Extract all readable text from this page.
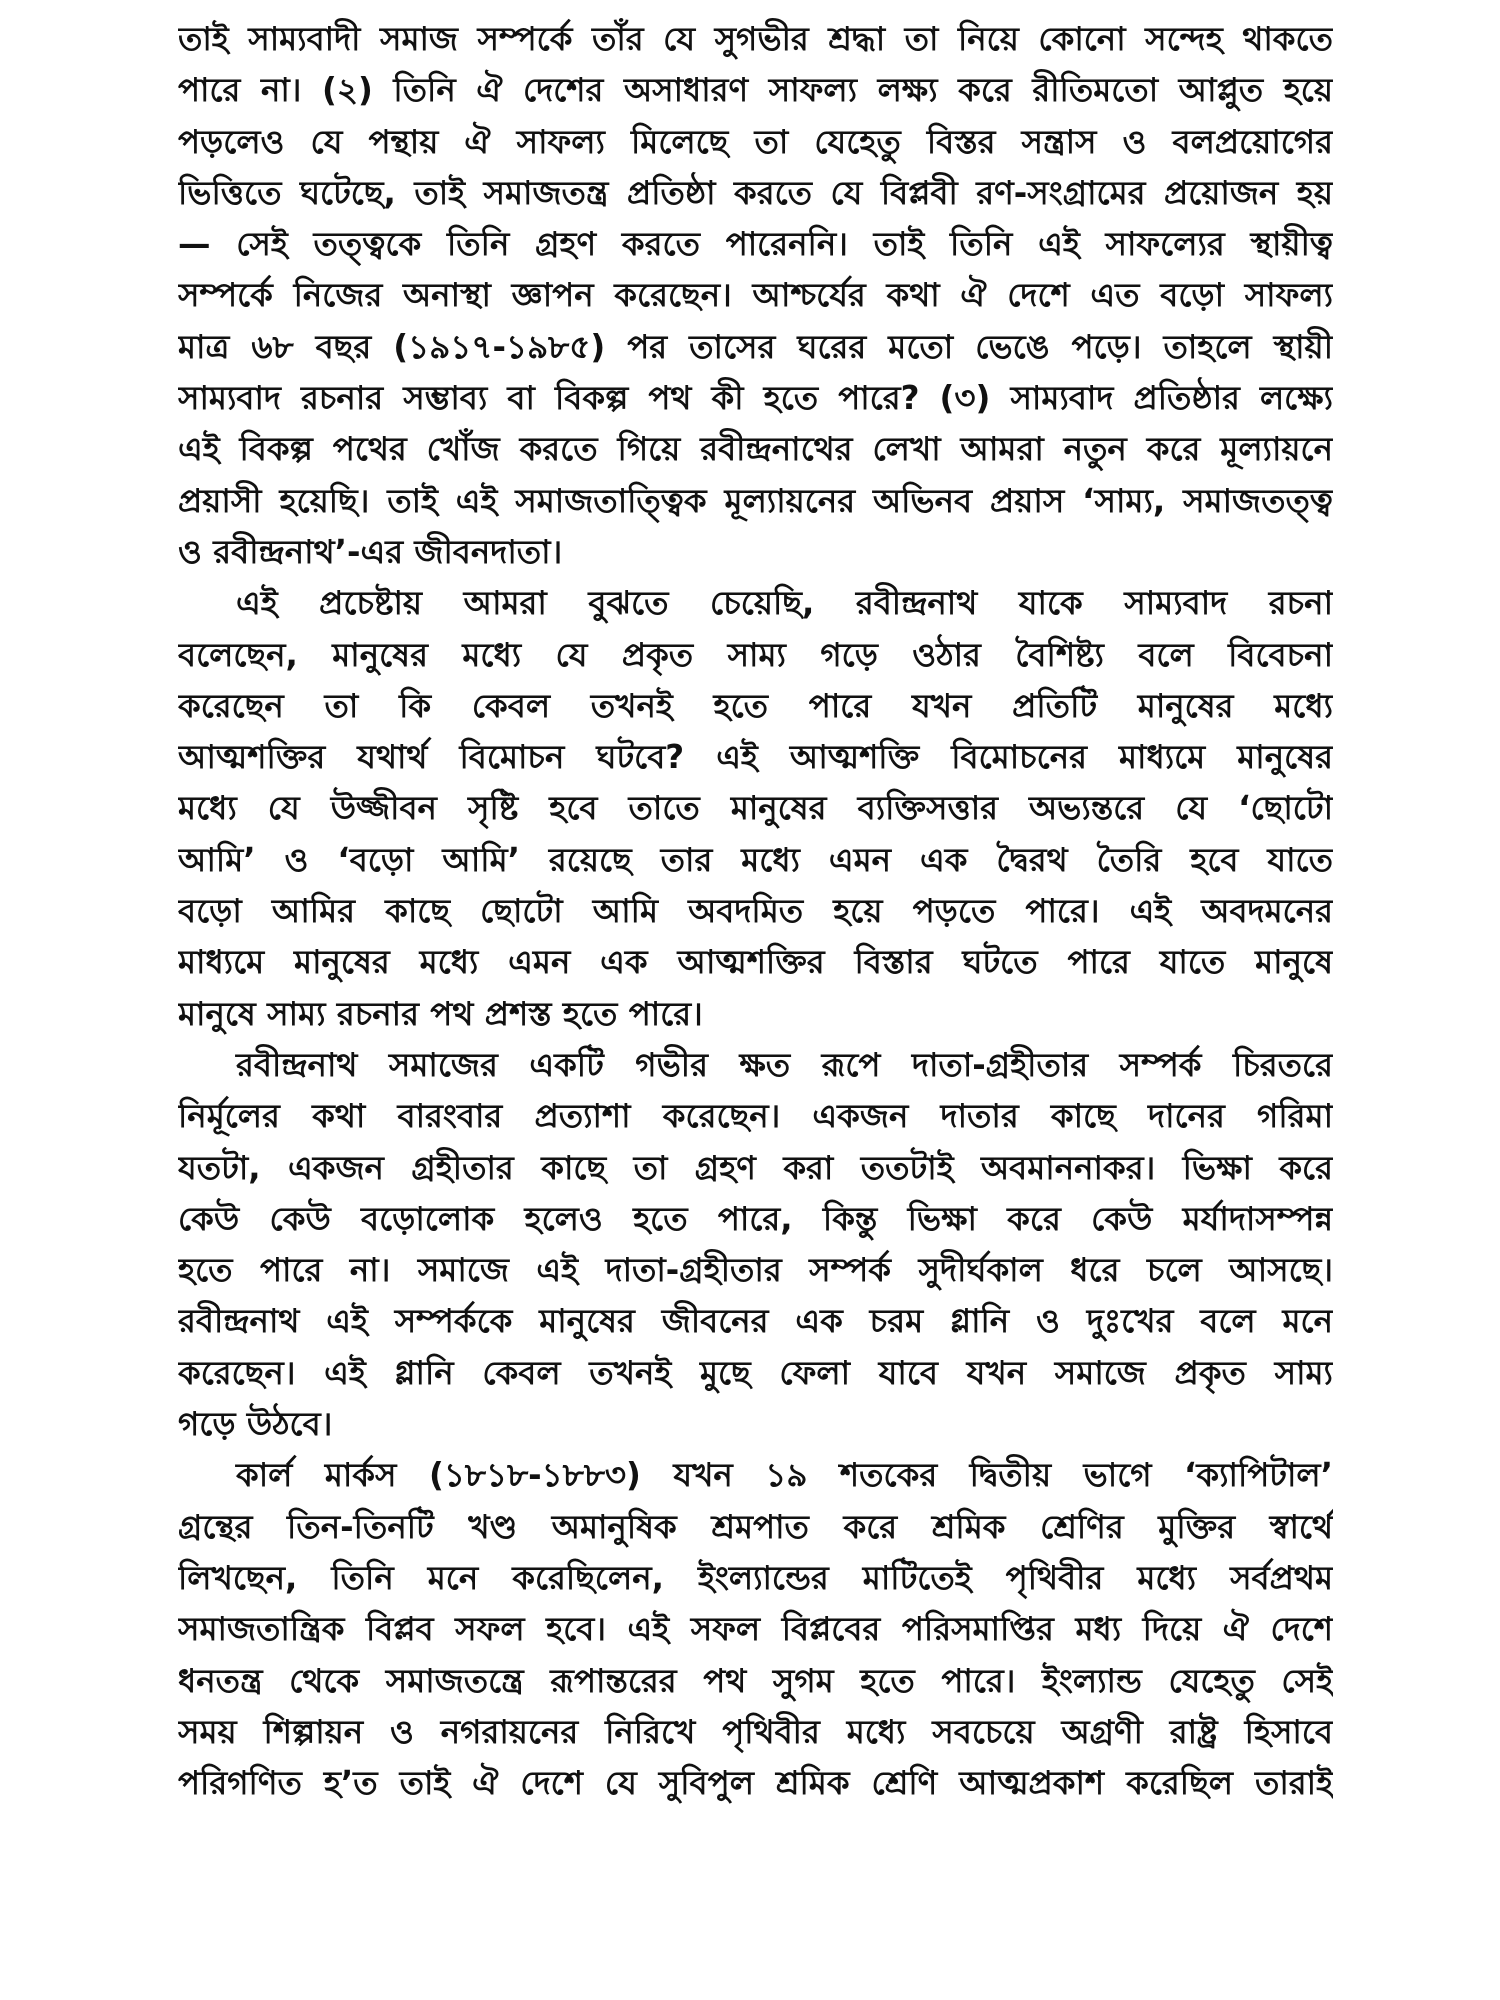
তাই সাম্যবাদী সমাজ সম্পর্কে তাঁর যে সুগভীর শ্রদ্ধা তা নিয়ে কোনো সন্দেহ থাকতে
পারে না। (২) তিনি ঐ দেশের অসাধারণ সাফল্য লক্ষ্য করে রীতিমতো আপ্লুত হয়ে
পড়লেও যে পন্থায় ঐ সাফল্য মিলেছে তা যেহেতু বিস্তর সন্ত্রাস ও বলপ্রয়োগের
ভিত্তিতে ঘটেছে, তাই সমাজতন্ত্র প্রতিষ্ঠা করতে যে বিপ্লবী রণ-সংগ্রামের প্রয়োজন হয়
— সেই তত্ত্বকে তিনি গ্রহণ করতে পারেননি। তাই তিনি এই সাফল্যের স্থায়ীত্ব
সম্পর্কে নিজের অনাস্থা জ্ঞাপন করেছেন। আশ্চর্যের কথা ঐ দেশে এত বড়ো সাফল্য
মাত্র ৬৮ বছর (১৯১৭-১৯৮৫) পর তাসের ঘরের মতো ভেঙে পড়ে। তাহলে স্থায়ী
সাম্যবাদ রচনার সম্ভাব্য বা বিকল্প পথ কী হতে পারে? (৩) সাম্যবাদ প্রতিষ্ঠার লক্ষ্যে
এই বিকল্প পথের খোঁজ করতে গিয়ে রবীন্দ্রনাথের লেখা আমরা নতুন করে মূল্যায়নে
প্রয়াসী হয়েছি। তাই এই সমাজতাত্ত্বিক মূল্যায়নের অভিনব প্রয়াস ‘সাম্য, সমাজতত্ত্ব
ও রবীন্দ্রনাথ’-এর জীবনদাতা।
এই প্রচেষ্টায় আমরা বুঝতে চেয়েছি, রবীন্দ্রনাথ যাকে সাম্যবাদ রচনা
বলেছেন, মানুষের মধ্যে যে প্রকৃত সাম্য গড়ে ওঠার বৈশিষ্ট্য বলে বিবেচনা
করেছেন তা কি কেবল তখনই হতে পারে যখন প্রতিটি মানুষের মধ্যে
আত্মশক্তির যথার্থ বিমোচন ঘটবে? এই আত্মশক্তি বিমোচনের মাধ্যমে মানুষের
মধ্যে যে উজ্জীবন সৃষ্টি হবে তাতে মানুষের ব্যক্তিসত্তার অভ্যন্তরে যে ‘ছোটো
আমি’ ও ‘বড়ো আমি’ রয়েছে তার মধ্যে এমন এক দ্বৈরথ তৈরি হবে যাতে
বড়ো আমির কাছে ছোটো আমি অবদমিত হয়ে পড়তে পারে। এই অবদমনের
মাধ্যমে মানুষের মধ্যে এমন এক আত্মশক্তির বিস্তার ঘটতে পারে যাতে মানুষে
মানুষে সাম্য রচনার পথ প্রশস্ত হতে পারে।
রবীন্দ্রনাথ সমাজের একটি গভীর ক্ষত রূপে দাতা-গ্রহীতার সম্পর্ক চিরতরে
নির্মূলের কথা বারংবার প্রত্যাশা করেছেন। একজন দাতার কাছে দানের গরিমা
যতটা, একজন গ্রহীতার কাছে তা গ্রহণ করা ততটাই অবমাননাকর। ভিক্ষা করে
কেউ কেউ বড়োলোক হলেও হতে পারে, কিন্তু ভিক্ষা করে কেউ মর্যাদাসম্পন্ন
হতে পারে না। সমাজে এই দাতা-গ্রহীতার সম্পর্ক সুদীর্ঘকাল ধরে চলে আসছে।
রবীন্দ্রনাথ এই সম্পর্ককে মানুষের জীবনের এক চরম গ্লানি ও দুঃখের বলে মনে
করেছেন। এই গ্লানি কেবল তখনই মুছে ফেলা যাবে যখন সমাজে প্রকৃত সাম্য
গড়ে উঠবে।
কার্ল মার্কস (১৮১৮-১৮৮৩) যখন ১৯ শতকের দ্বিতীয় ভাগে ‘ক্যাপিটাল’
গ্রন্থের তিন-তিনটি খণ্ড অমানুষিক শ্রমপাত করে শ্রমিক শ্রেণির মুক্তির স্বার্থে
লিখছেন, তিনি মনে করেছিলেন, ইংল্যান্ডের মাটিতেই পৃথিবীর মধ্যে সর্বপ্রথম
সমাজতান্ত্রিক বিপ্লব সফল হবে। এই সফল বিপ্লবের পরিসমাপ্তির মধ্য দিয়ে ঐ দেশে
ধনতন্ত্র থেকে সমাজতন্ত্রে রূপান্তরের পথ সুগম হতে পারে। ইংল্যান্ড যেহেতু সেই
সময় শিল্পায়ন ও নগরায়নের নিরিখে পৃথিবীর মধ্যে সবচেয়ে অগ্রণী রাষ্ট্র হিসাবে
পরিগণিত হ’ত তাই ঐ দেশে যে সুবিপুল শ্রমিক শ্রেণি আত্মপ্রকাশ করেছিল তারাই
